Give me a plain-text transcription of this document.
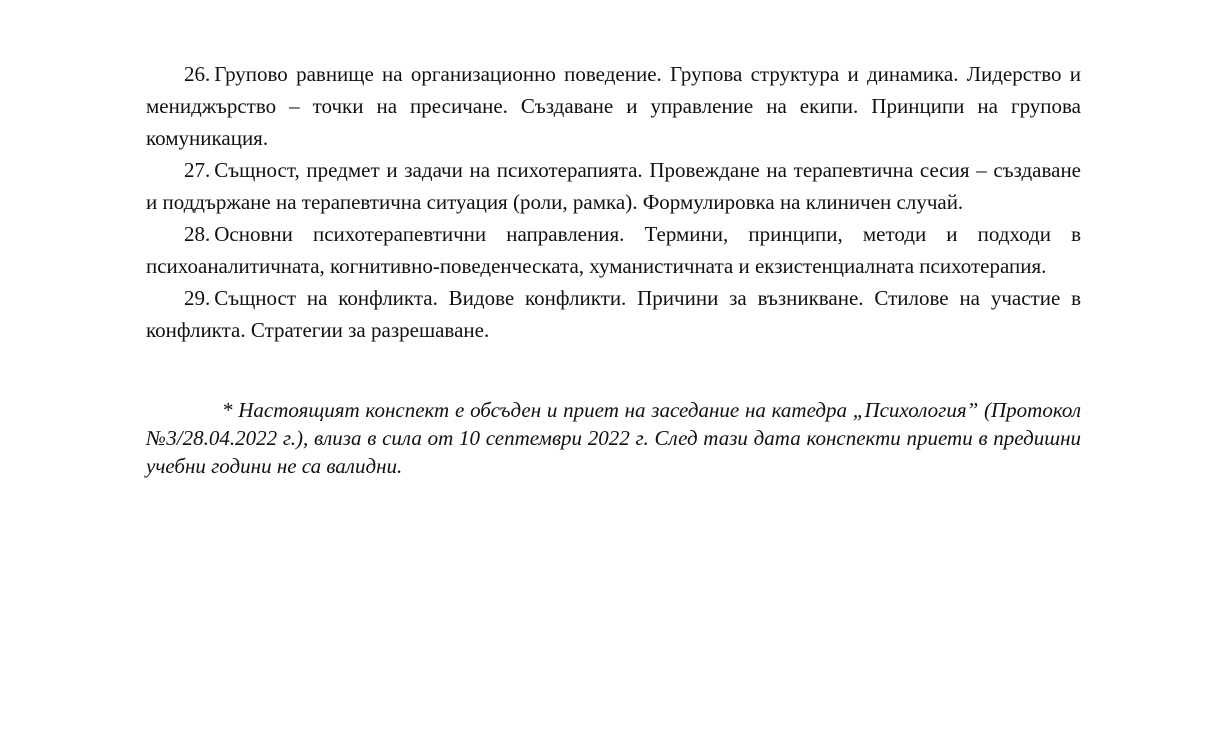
26. Групово равнище на организационно поведение. Групова структура и динамика. Лидерство и мениджърство – точки на пресичане. Създаване и управление на екипи. Принципи на групова комуникация.

27. Същност, предмет и задачи на психотерапията. Провеждане на терапевтична сесия – създаване и поддържане на терапевтична ситуация (роли, рамка). Формулировка на клиничен случай.

28. Основни психотерапевтични направления. Термини, принципи, методи и подходи в психоаналитичната, когнитивно-поведенческата, хуманистичната и екзистенциалната психотерапия.

29. Същност на конфликта. Видове конфликти. Причини за възникване. Стилове на участие в конфликта. Стратегии за разрешаване.

* Настоящият конспект е обсъден и приет на заседание на катедра „Психология” (Протокол №3/28.04.2022 г.), влиза в сила от 10 септември 2022 г. След тази дата конспекти приети в предишни учебни години не са валидни.
